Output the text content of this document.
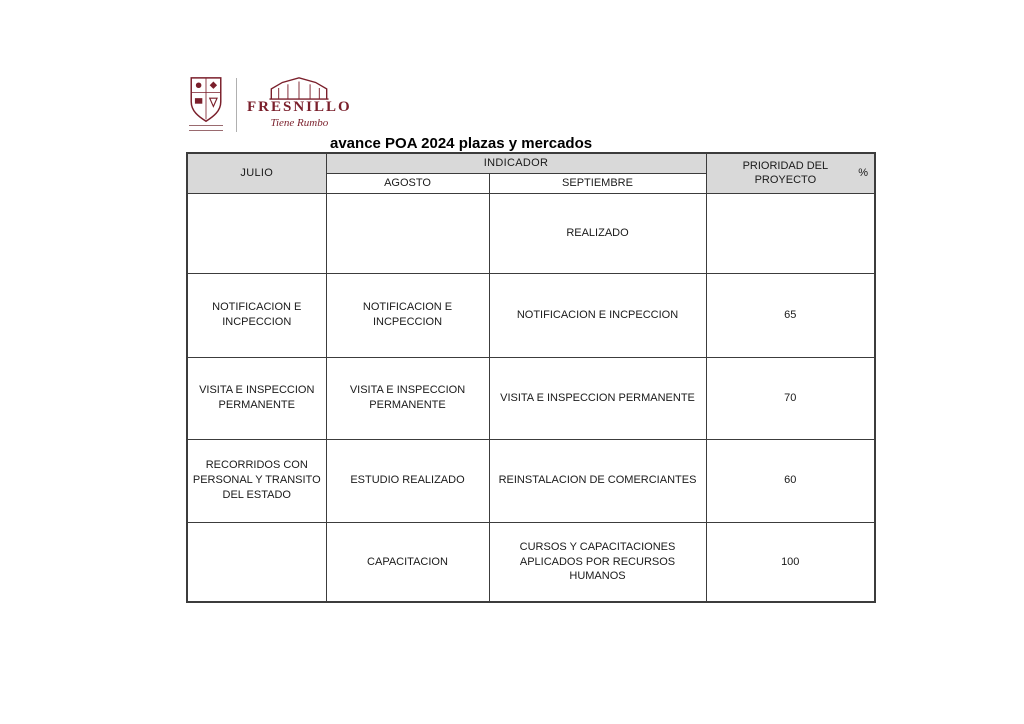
FRESNILLO
Tiene Rumbo
avance POA 2024 plazas y mercados
JULIO	INDICADOR		PRIORIDAD DEL PROYECTO
%

	AGOSTO	SEPTIEMBRE	
		REALIZADO	
NOTIFICACION E INCPECCION	NOTIFICACION E INCPECCION	NOTIFICACION E INCPECCION	65
VISITA E INSPECCION PERMANENTE	VISITA E INSPECCION PERMANENTE	VISITA E INSPECCION PERMANENTE	70
RECORRIDOS CON PERSONAL Y TRANSITO DEL ESTADO	ESTUDIO REALIZADO	REINSTALACION DE COMERCIANTES	60
	CAPACITACION	CURSOS Y CAPACITACIONES APLICADOS POR RECURSOS HUMANOS	100
